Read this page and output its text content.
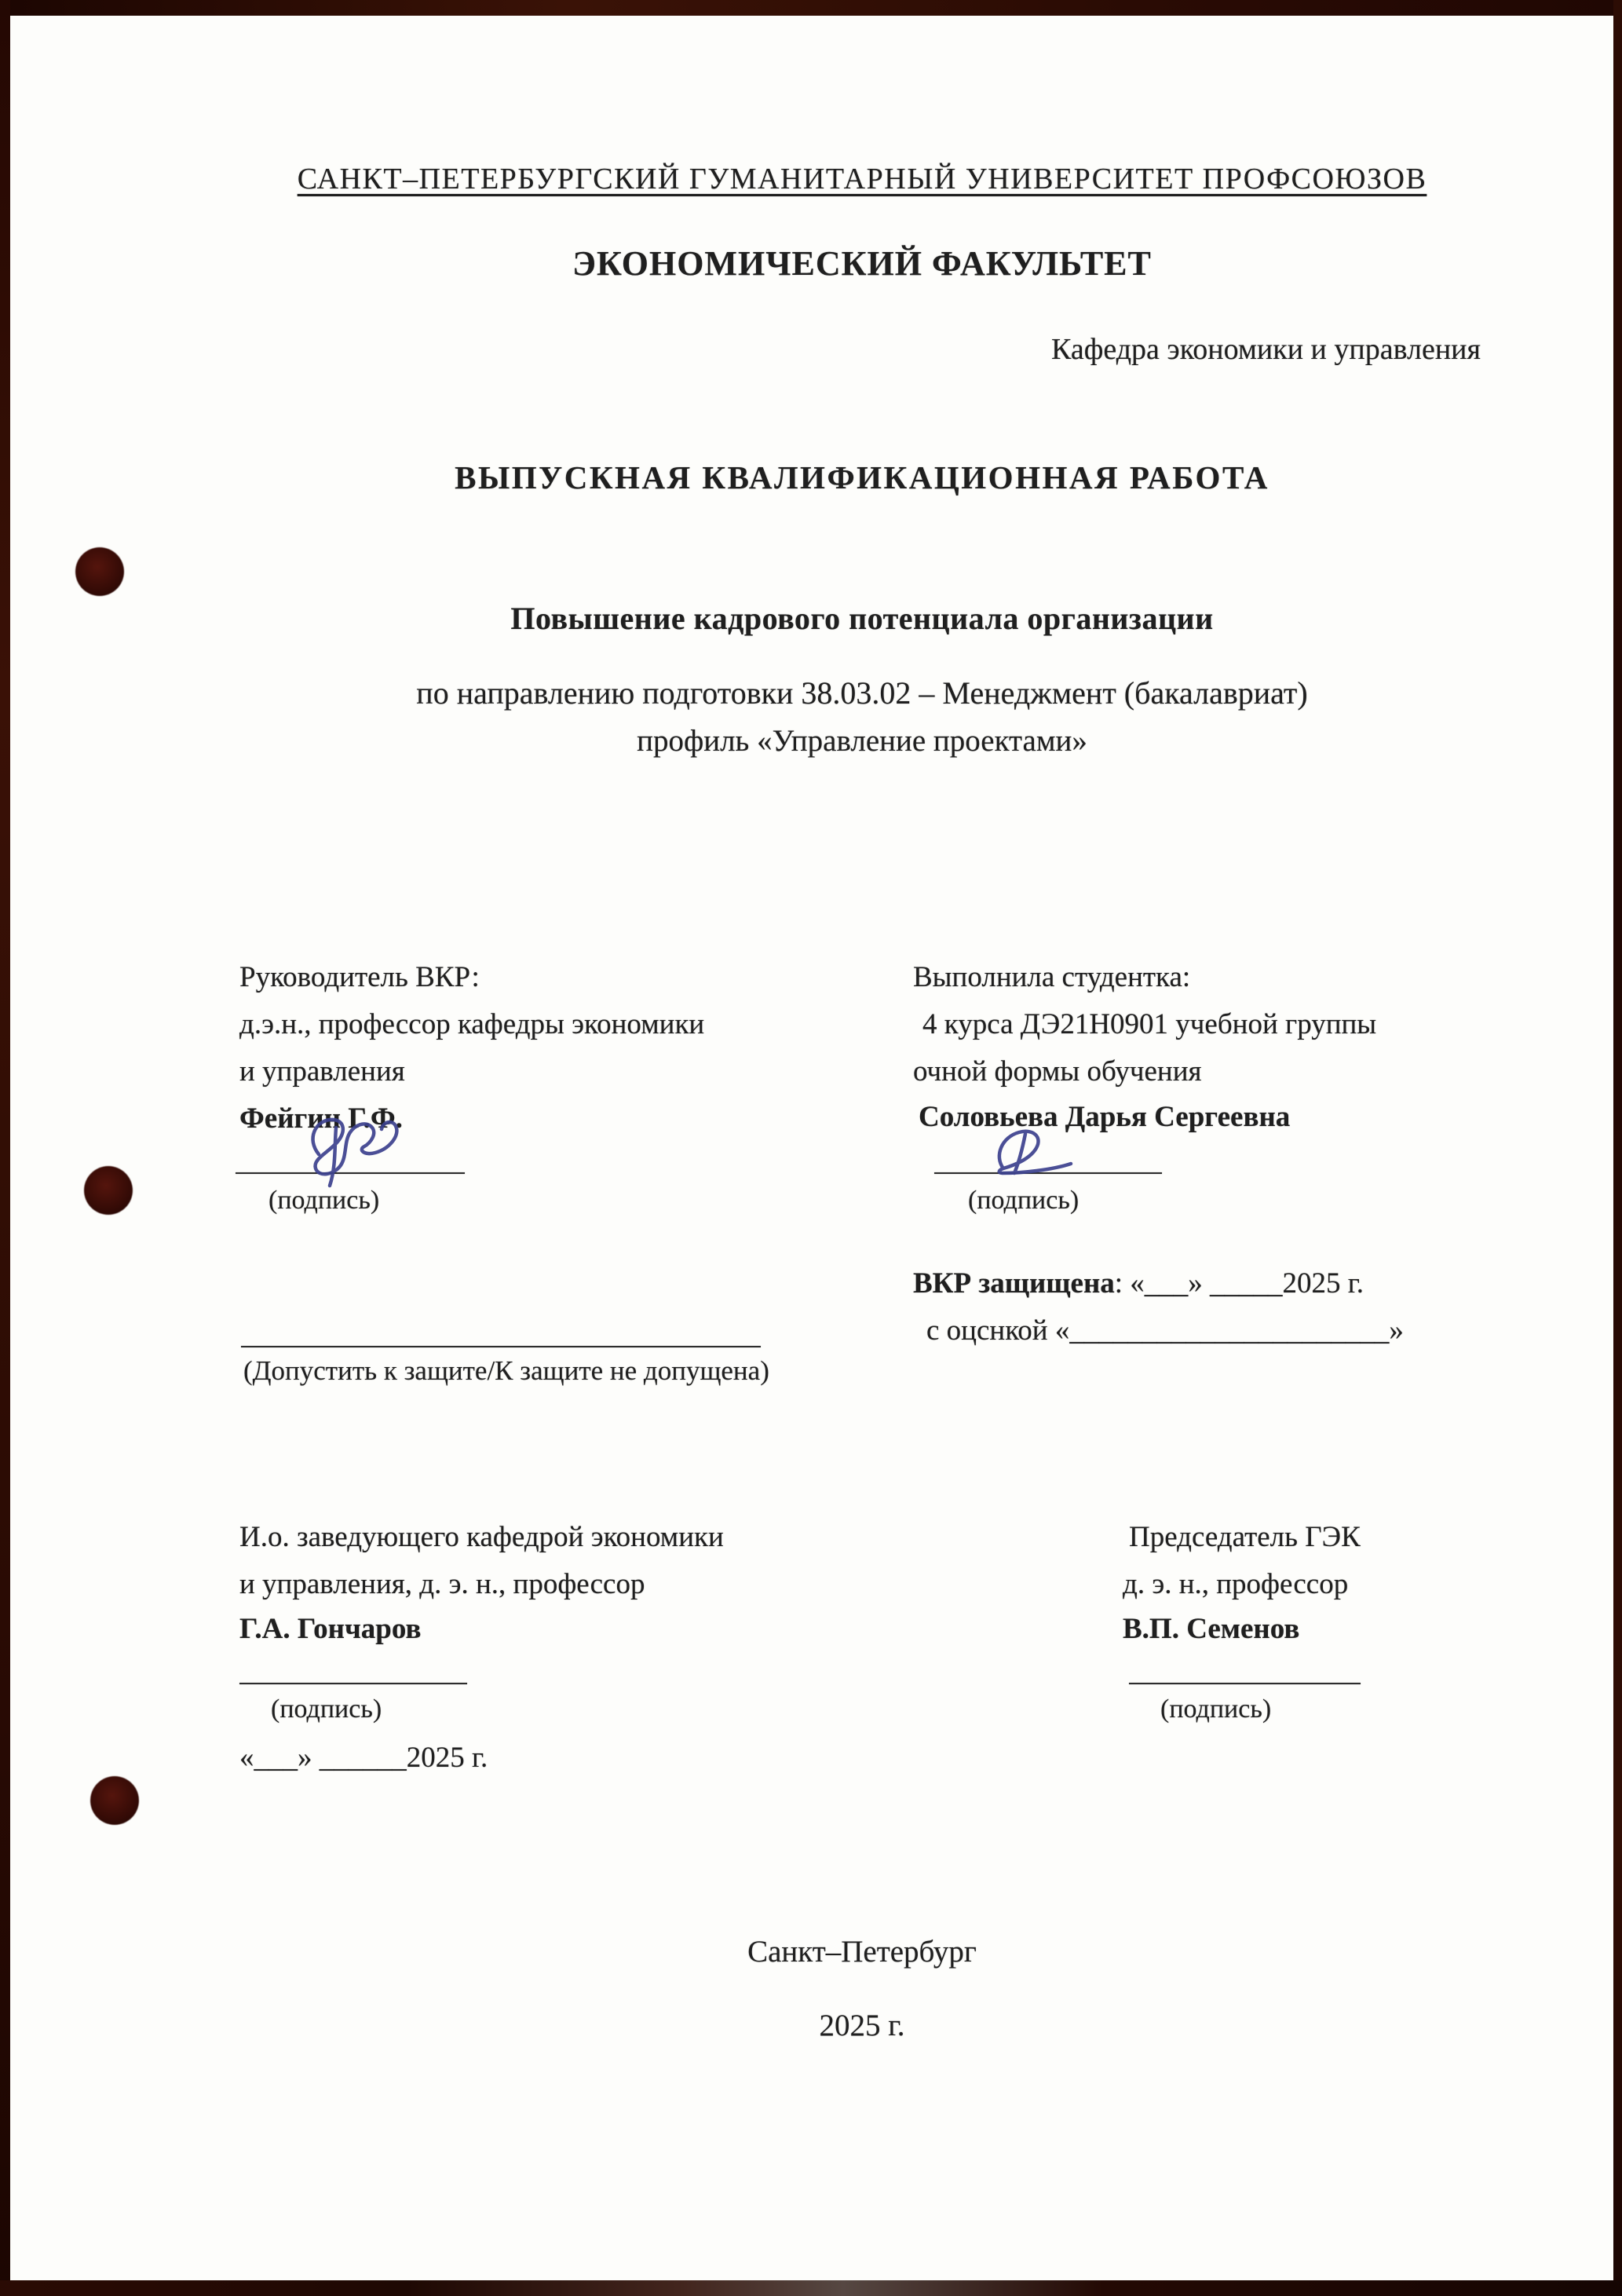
САНКТ–ПЕТЕРБУРГСКИЙ ГУМАНИТАРНЫЙ УНИВЕРСИТЕТ ПРОФСОЮЗОВ
ЭКОНОМИЧЕСКИЙ ФАКУЛЬТЕТ
Кафедра экономики и управления
ВЫПУСКНАЯ КВАЛИФИКАЦИОННАЯ РАБОТА
Повышение кадрового потенциала организации
по направлению подготовки 38.03.02 – Менеджмент (бакалавриат)
профиль «Управление проектами»
Руководитель ВКР:
д.э.н., профессор кафедры экономики
и управления
Фейгин Г.Ф.
(подпись)
Выполнила студентка:
4 курса ДЭ21Н0901 учебной группы
очной формы обучения
Соловьева Дарья Сергеевна
(подпись)
ВКР защищена: «___» _____2025 г.
с оцснкой «______________________»
(Допустить к защите/К защите не допущена)
И.о. заведующего кафедрой экономики
и управления, д. э. н., профессор
Г.А. Гончаров
(подпись)
«___» ______2025 г.
Председатель ГЭК
д. э. н., профессор
В.П. Семенов
(подпись)
Санкт–Петербург
2025 г.
